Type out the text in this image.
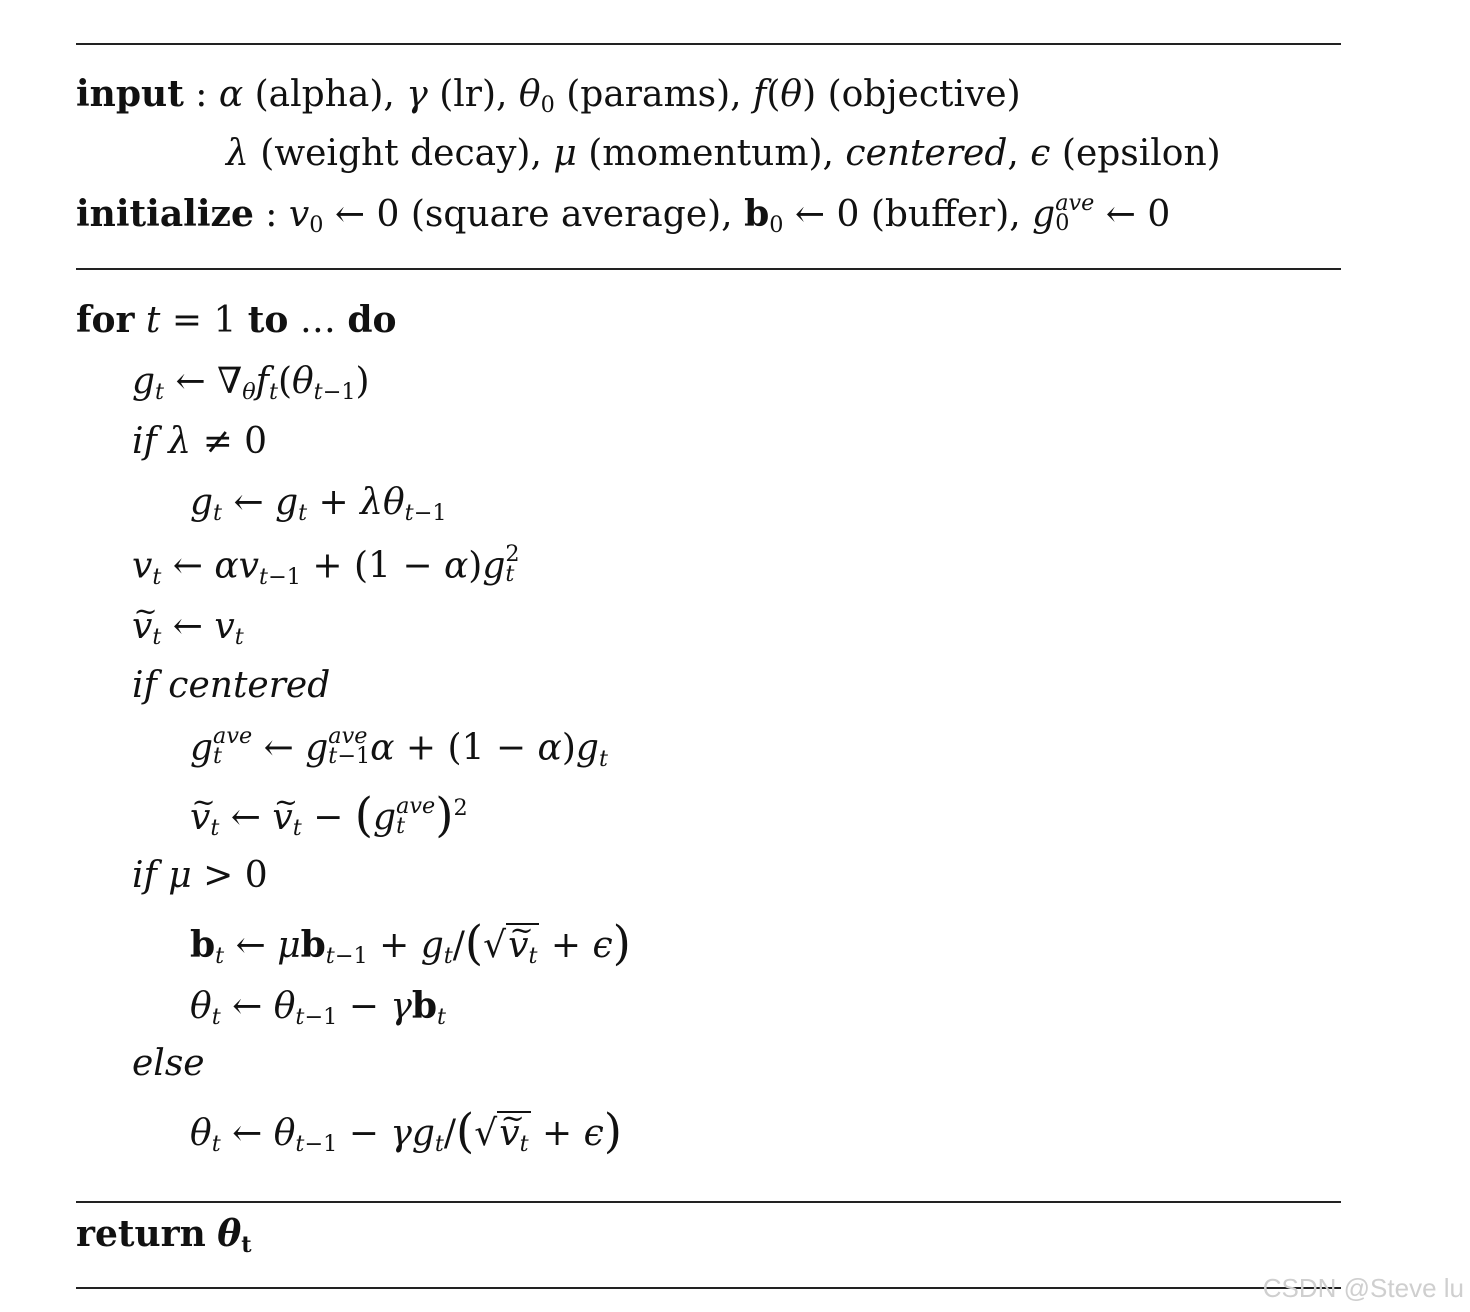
input : α (alpha), γ (lr), $\theta_0$ (params), f(θ) (objective)
λ (weight decay), μ (momentum), centered, ϵ (epsilon)
initialize : $v_0$ ← 0 (square average), $b_0$ ← 0 (buffer), g ave
0 ← 0
for t = 1 to … do
$g_t$ ← $\nabla_\theta f_t(\theta_{t-1})$
if λ ≠ 0
$g_t$ ← $g_t + \lambda\theta_{t-1}$
$v_t$ ← $\alpha v_{t-1} + (1 - \alpha)g$ 2
t
v $\sim_t$ ← $v_t$
if centered
g ave
t ← g ave
t−1 $\alpha + (1 - \alpha)g_t$
v $\sim_t$ ← v $\sim_t - (g$ ave
t )$^2$
if μ > 0
$b_t$ ← $\mu b_{t-1} + g_t/(√v$ $\sim_t + \epsilon$)
$\theta_t$ ← $\theta_{t-1} - \gamma b_t$
else
$\theta_t$ ← $\theta_{t-1} - \gamma g_t/(√v$ $\sim_t + \epsilon$)
return $\theta_t$
CSDN @Steve lu
